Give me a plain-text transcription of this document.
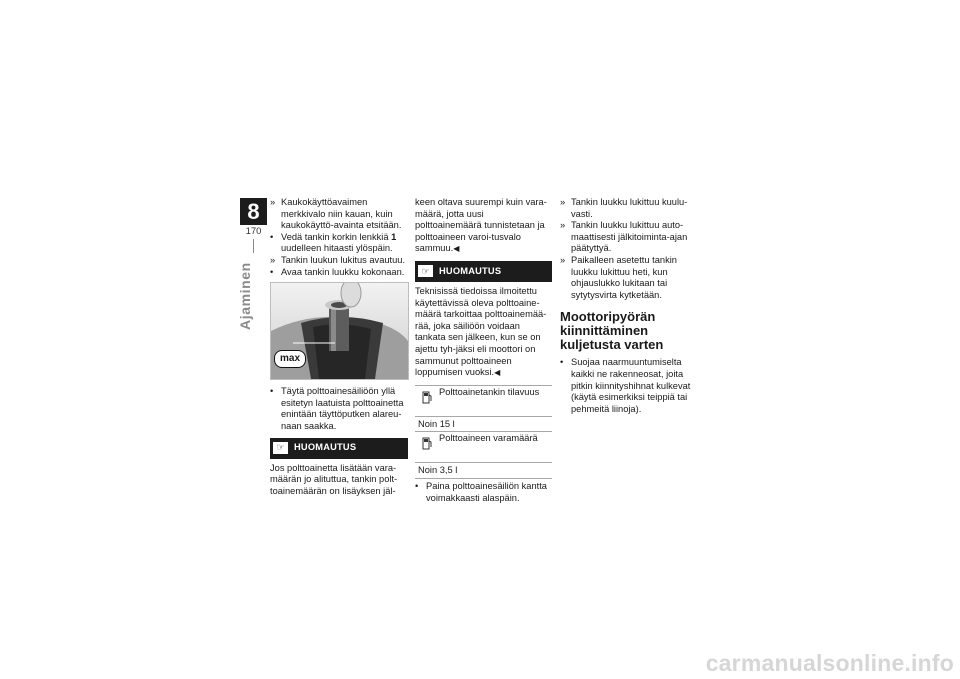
8
170
Ajaminen

» Kaukokäyttöavaimen merkkivalo niin kauan, kuin kaukokäyttö-avainta etsitään.

• Vedä tankin korkin lenkkiä 1 uudelleen hitaasti ylöspäin.

» Tankin luukun lukitus avautuu.

• Avaa tankin luukku kokonaan.

max

• Täytä polttoainesäiliöön yllä esitetyn laatuista polttoainetta enintään täyttöputken alareu-naan saakka.

☞	HUOMAUTUS

Jos polttoainetta lisätään vara-määrän jo alituttua, tankin polt-toainemäärän on lisäyksen jäl-

keen oltava suurempi kuin vara-määrä, jotta uusi polttoainemäärä tunnistetaan ja polttoaineen varoi-tusvalo sammuu.◀

☞	HUOMAUTUS

Teknisissä tiedoissa ilmoitettu käytettävissä oleva polttoaine-määrä tarkoittaa polttoainemää-rää, joka säiliöön voidaan tankata sen jälkeen, kun se on ajettu tyh-jäksi eli moottori on sammunut polttoaineen loppumisen vuoksi.◀

Polttoainetankin tilavuus
Noin 15 l
Polttoaineen varamäärä
Noin 3,5 l

• Paina polttoainesäiliön kantta voimakkaasti alaspäin.

» Tankin luukku lukittuu kuulu-vasti.

» Tankin luukku lukittuu auto-maattisesti jälkitoiminta-ajan päätyttyä.

» Paikalleen asetettu tankin luukku lukittuu heti, kun ohjauslukko lukitaan tai sytytysvirta kytketään.

Moottoripyörän kiinnittäminen kuljetusta varten

• Suojaa naarmuuntumiselta kaikki ne rakenneosat, joita pitkin kiinnityshihnat kulkevat (käytä esimerkiksi teippiä tai pehmeitä liinoja).

carmanualsonline.info
